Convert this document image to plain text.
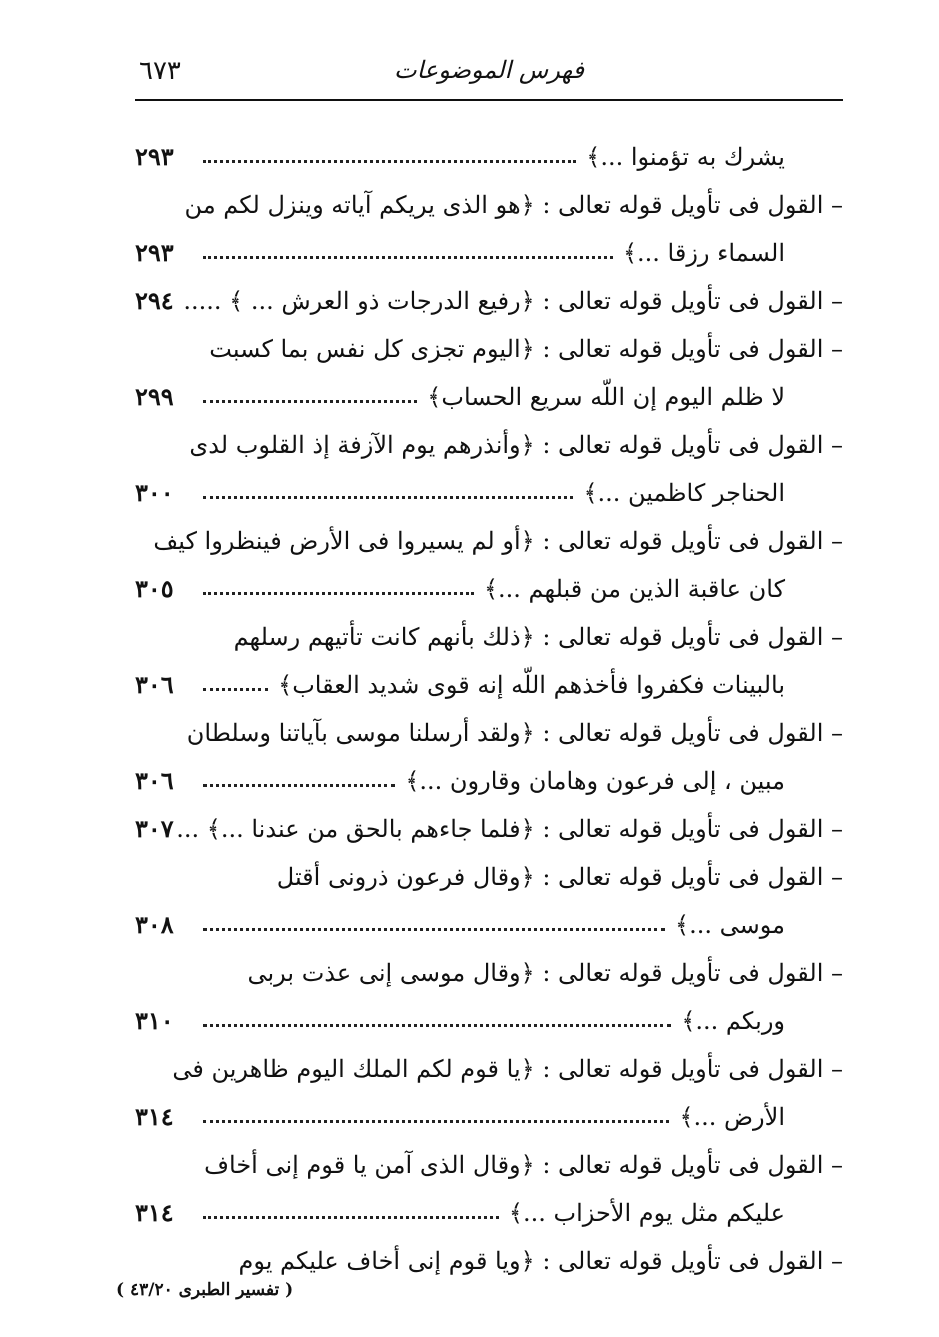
٦٧٣	فهرس الموضوعات
يشرك به تؤمنوا ...﴾
٢٩٣
– القول فى تأويل قوله تعالى : ﴿هو الذى يريكم آياته وينزل لكم من
السماء رزقا ...﴾
٢٩٣
– القول فى تأويل قوله تعالى : ﴿رفيع الدرجات ذو العرش ... ﴾ .....
٢٩٤
– القول فى تأويل قوله تعالى : ﴿اليوم تجزى كل نفس بما كسبت
لا ظلم اليوم إن اللّه سريع الحساب﴾
٢٩٩
– القول فى تأويل قوله تعالى : ﴿وأنذرهم يوم الآزفة إذ القلوب لدى
الحناجر كاظمين ...﴾
٣٠٠
– القول فى تأويل قوله تعالى : ﴿أو لم يسيروا فى الأرض فينظروا كيف
كان عاقبة الذين من قبلهم ...﴾
٣٠٥
– القول فى تأويل قوله تعالى : ﴿ذلك بأنهم كانت تأتيهم رسلهم
بالبينات فكفروا فأخذهم اللّه إنه قوى شديد العقاب﴾
٣٠٦
– القول فى تأويل قوله تعالى : ﴿ولقد أرسلنا موسى بآياتنا وسلطان
مبين ، إلى فرعون وهامان وقارون ...﴾
٣٠٦
– القول فى تأويل قوله تعالى : ﴿فلما جاءهم بالحق من عندنا ...﴾ ...
٣٠٧
– القول فى تأويل قوله تعالى : ﴿وقال فرعون ذرونى أقتل
موسى ...﴾
٣٠٨
– القول فى تأويل قوله تعالى : ﴿وقال موسى إنى عذت بربى
وربكم ...﴾
٣١٠
– القول فى تأويل قوله تعالى : ﴿يا قوم لكم الملك اليوم ظاهرين فى
الأرض ...﴾
٣١٤
– القول فى تأويل قوله تعالى : ﴿وقال الذى آمن يا قوم إنى أخاف
عليكم مثل يوم الأحزاب ...﴾
٣١٤
– القول فى تأويل قوله تعالى : ﴿ويا قوم إنى أخاف عليكم يوم
( تفسير الطبرى ٤٣/٢٠ )
